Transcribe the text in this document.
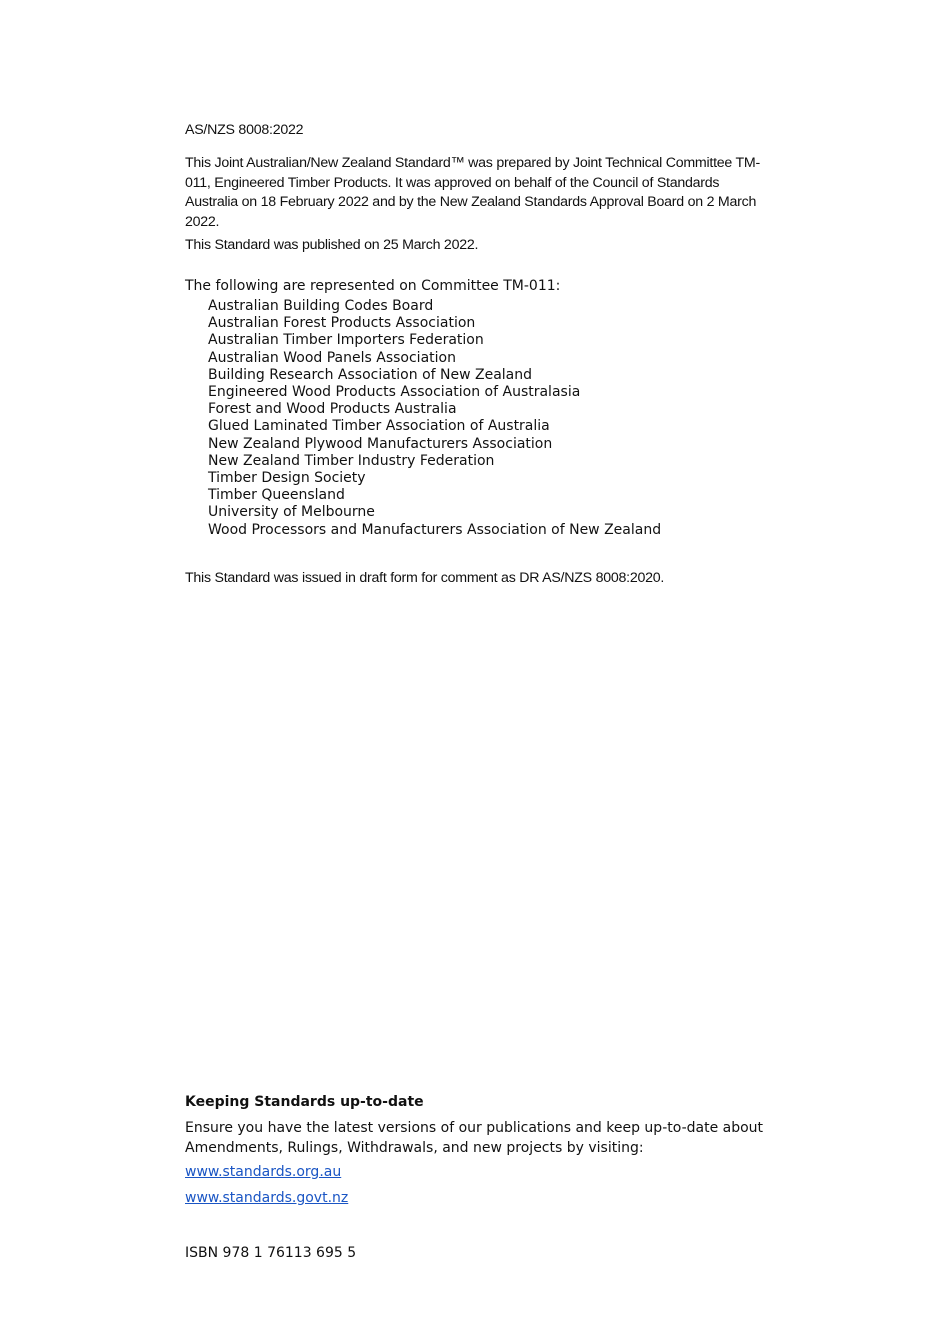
AS/NZS 8008:2022

This Joint Australian/New Zealand Standard™ was prepared by Joint Technical Committee TM-011, Engineered Timber Products. It was approved on behalf of the Council of Standards Australia on 18 February 2022 and by the New Zealand Standards Approval Board on 2 March 2022.

This Standard was published on 25 March 2022.

The following are represented on Committee TM-011:

Australian Building Codes Board
Australian Forest Products Association
Australian Timber Importers Federation
Australian Wood Panels Association
Building Research Association of New Zealand
Engineered Wood Products Association of Australasia
Forest and Wood Products Australia
Glued Laminated Timber Association of Australia
New Zealand Plywood Manufacturers Association
New Zealand Timber Industry Federation
Timber Design Society
Timber Queensland
University of Melbourne
Wood Processors and Manufacturers Association of New Zealand

This Standard was issued in draft form for comment as DR AS/NZS 8008:2020.

Keeping Standards up-to-date

Ensure you have the latest versions of our publications and keep up-to-date about Amendments, Rulings, Withdrawals, and new projects by visiting:

www.standards.org.au
www.standards.govt.nz

ISBN 978 1 76113 695 5
